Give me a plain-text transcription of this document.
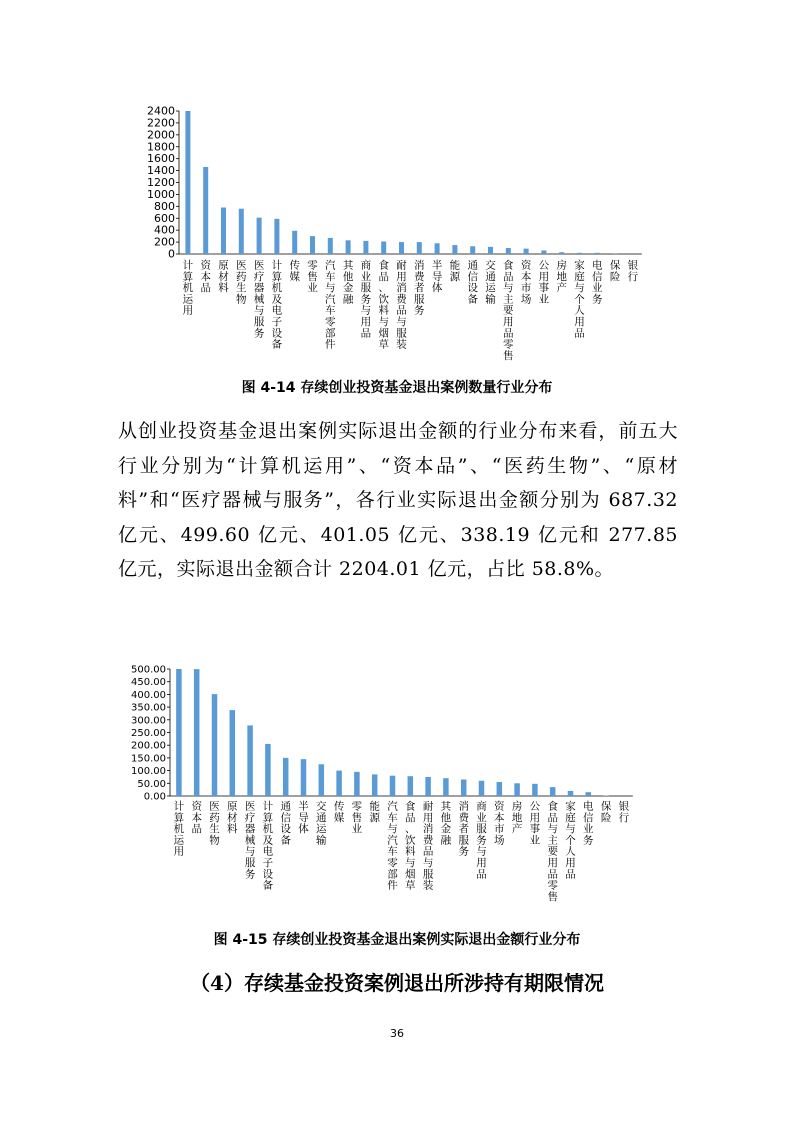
0
200
400
600
800
1000
1200
1400
1600
1800
2000
2200
2400
计算机运用
资本品
原材料
医药生物
医疗器械与服务
计算机及电子设备
传媒
零售业
汽车与汽车零部件
其他金融
商业服务与用品
食品、饮料与烟草
耐用消费品与服装
消费者服务
半导体
能源
通信设备
交通运输
食品与主要用品零售
资本市场
公用事业
房地产
家庭与个人用品
电信业务
保险
银行
0.00
50.00
100.00
150.00
200.00
250.00
300.00
350.00
400.00
450.00
500.00
计算机运用
资本品
医药生物
原材料
医疗器械与服务
计算机及电子设备
通信设备
半导体
交通运输
传媒
零售业
能源
汽车与汽车零部件
食品、饮料与烟草
耐用消费品与服装
其他金融
消费者服务
商业服务与用品
资本市场
房地产
公用事业
食品与主要用品零售
家庭与个人用品
电信业务
保险
银行
图 4-14 存续创业投资基金退出案例数量行业分布

从创业投资基金退出案例实际退出金额的行业分布来看，前五大行业分别为“计算机运用”、“资本品”、“医药生物”、“原材料”和“医疗器械与服务”，各行业实际退出金额分别为 687.32 亿元、499.60 亿元、401.05 亿元、338.19 亿元和 277.85 亿元，实际退出金额合计 2204.01 亿元，占比 58.8%。

图 4-15 存续创业投资基金退出案例实际退出金额行业分布
（4）存续基金投资案例退出所涉持有期限情况
36
